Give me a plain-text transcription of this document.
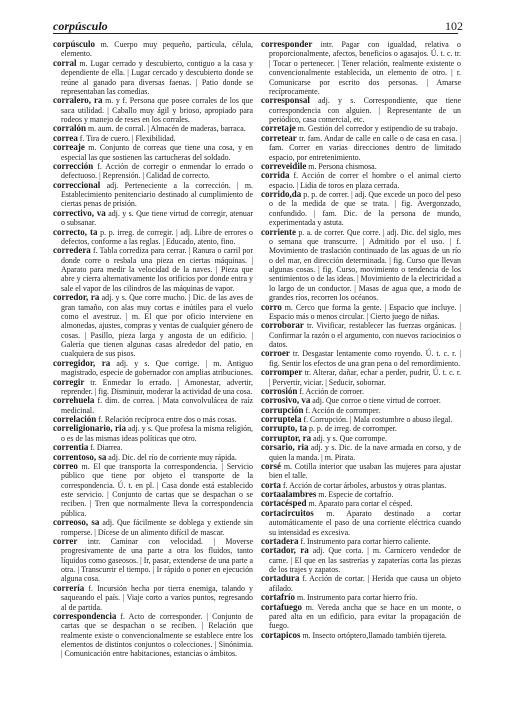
corpúsculo	102

corpúsculo m. Cuerpo muy pequeño, partícula, célula, elemento.

corral m. Lugar cerrado y descubierto, contiguo a la casa y dependiente de ella. | Lugar cercado y descubierto donde se reúne al ganado para diversas faenas. | Patio donde se representaban las comedias.

corralero, ra m. y f. Persona que posee corrales de los que saca utilidad. | Caballo muy ágil y brioso, apropiado para rodeos y manejo de reses en los corrales.

corralón m. aum. de corral. | Almacén de maderas, barraca.

correa f. Tira de cuero. | Flexibilidad.

correaje m. Conjunto de correas que tiene una cosa, y en especial las que sostienen las cartucheras del soldado.

corrección f. Acción de corregir o enmendar lo errado o defectuoso. | Reprensión. | Calidad de correcto.

correccional adj. Perteneciente a la corrección. | m. Establecimiento penitenciario destinado al cumplimiento de ciertas penas de prisión.

correctivo, va adj. y s. Que tiene virtud de corregir, atenuar o subsanar.

correcto, ta p. p. irreg. de corregir. | adj. Libre de errores o defectos, conforme a las reglas. | Educado, atento, fino.

corredera f. Tabla corrediza para cerrar. | Ranura o carril por donde corre o resbala una pieza en ciertas máquinas. | Aparato para medir la velocidad de la naves. | Pieza que abre y cierra alternativamente los orificios por donde entra y sale el vapor de los cilindros de las máquinas de vapor.

corredor, ra adj. y s. Que corre mucho. | Dic. de las aves de gran tamaño, con alas muy cortas e inútiles para el vuelo como el avestruz. | m. El que por oficio interviene en almonedas, ajustes, compras y ventas de cualquier género de cosas. | Pasillo, pieza larga y angosta de un edificio. | Galería que tienen algunas casas alrededor del patio, en cualquiera de sus pisos.

corregidor, ra adj. y s. Que corrige. | m. Antiguo magistrado, especie de gobernador con amplias atribuciones.

corregir tr. Enmedar lo errado. | Amonestar, advertir, reprender. | fig. Disminuir, moderar la actividad de una cosa.

correhuela f. dim. de correa. | Mata convolvulácea de raíz medicinal.

correlación f. Relación recíproca entre dos o más cosas.

correligionario, ria adj. y s. Que profesa la misma religión, o es de las mismas ideas políticas que otro.

correntia f. Diarrea.

correntoso, sa adj. Dic. del río de corriente muy rápida.

correo m. El que transporta la correspondencia. | Servicio público que tiene por objeto el transporte de la correspondencia. Ú. t. en pl. | Casa donde está establecido este servicio. | Conjunto de cartas que se despachan o se reciben. | Tren que normalmente lleva la correspondencia pública.

correoso, sa adj. Que fácilmente se doblega y extiende sin romperse. | Dícese de un alimento difícil de mascar.

correr intr. Caminar con velocidad. | Moverse progresivamente de una parte a otra los fluidos, tanto líquidos como gaseosos. | Ir, pasar, extenderse de una parte a otra. | Transcurrir el tiempo. | Ir rápido o poner en ejecución alguna cosa.

correría f. Incursión hecha por tierra enemiga, talando y saqueando el país. | Viaje corto a varios puntos, regresando al de partida.

correspondencia f. Acto de corresponder. | Conjunto de cartas que se despachan o se reciben. | Relación que realmente existe o convencionalmente se establece entre los elementos de distintos conjuntos o colecciones. | Sinónimia. | Comunicación entre habitaciones, estancias o ámbitos.

corresponder intr. Pagar con igualdad, relativa o proporcionalmente, afectos, beneficios o agasajos. Ú. t. c. tr. | Tocar o pertenecer. | Tener relación, realmente existente o convencionalmente establecida, un elemento de otro. | r. Comunicarse por escrito dos personas. | Amarse recíprocamente.

corresponsal adj. y s. Correspondiente, que tiene correspondencia con alguien. | Representante de un periódico, casa comercial, etc.

corretaje m. Gestión del corredor y estipendio de su trabajo.

corretear tr. fam. Andar de calle en calle o de casa en casa. | fam. Correr en varias direcciones dentro de limitado espacio, por entretenimiento.

correveidile m. Persona chismosa.

corrida f. Acción de correr el hombre o el animal cierto espacio. | Lidia de toros en plaza cerrada.

corrido,da p. p. de correr. | adj. Que excede un poco del peso o de la medida de que se trata. | fig. Avergonzado, confundido. | fam. Dic. de la persona de mundo, experimentada y astuta.

corriente p. a. de correr. Que corre. | adj. Dic. del siglo, mes o semana que transcurre. | Admitido por el uso. | f. Movimiento de traslación continuado de las aguas de un río o del mar, en dirección determinada. | fig. Curso que llevan algunas cosas. | fig. Curso, movimiento o tendencia de los sentimientos o de las ideas. | Movimiento de la electricidad a lo largo de un conductor. | Masas de agua que, a modo de grandes ríos, recorren los océanos.

corro m. Cerco que forma la gente. | Espacio que incluye. | Espacio más o menos circular. | Cierto juego de niñas.

corroborar tr. Vivificar, restablecer las fuerzas orgánicas. | Confirmar la razón o el argumento, con nuevos raciocinios o datos.

corroer tr. Desgastar lentamente como royendo. Ú. t. c. r. | fig. Sentir los efectos de una gran pena o del remordimiento.

corromper tr. Alterar, dañar, echar a perder, pudrir, Ú. t. c. r. | Pervertir, viciar. | Seducir, sobornar.

corrosión f. Acción de corroer.

corrosivo, va adj. Que corroe o tiene virtud de corroer.

corrupción f. Acción de corromper.

corruptela f. Corrupción. | Mala costumbre o abuso ilegal.

corrupto, ta p. p. de irreg. de corromper.

corruptor, ra adj. y s. Que corrompe.

corsario, ria adj. y s. Dic. de la nave armada en corso, y de quien la manda. | m. Pirata.

corsé m. Cotilla interior que usaban las mujeres para ajustar bien el talle.

corta f. Acción de cortar árboles, arbustos y otras plantas.

cortaalambres m. Especie de cortafrío.

cortacésped m. Aparato para cortar el césped.

cortacircuitos m. Aparato destinado a cortar automáticamente el paso de una corriente eléctrica cuando su intensidad es excesiva.

cortadera f. Instrumento para cortar hierro caliente.

cortador, ra adj. Que corta. | m. Carnicero vendedor de carne. | El que en las sastrerías y zapaterías corta las piezas de los trajes y zapatos.

cortadura f. Acción de cortar. | Herida que causa un objeto afilado.

cortafrío m. Instrumento para cortar hierro frío.

cortafuego m. Vereda ancha que se hace en un monte, o pared alta en un edificio, para evitar la propagación de fuego.

cortapicos m. Insecto ortóptero,llamado también tijereta.
